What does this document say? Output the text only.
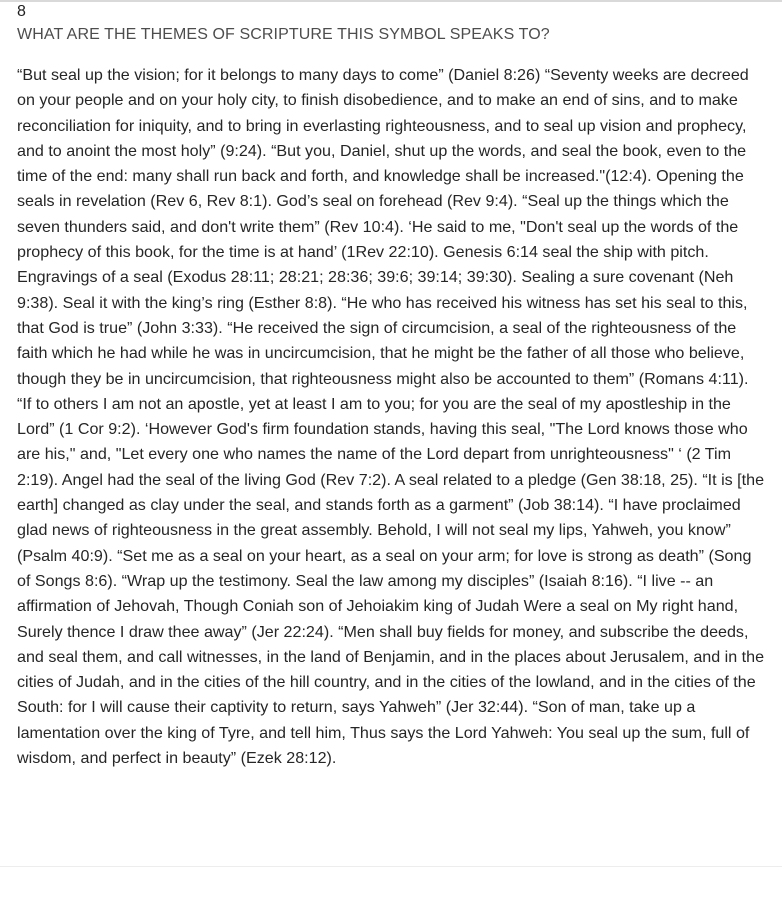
8
WHAT ARE THE THEMES OF SCRIPTURE THIS SYMBOL SPEAKS TO?

“But seal up the vision; for it belongs to many days to come” (Daniel 8:26) “Seventy weeks are decreed on your people and on your holy city, to finish disobedience, and to make an end of sins, and to make reconciliation for iniquity, and to bring in everlasting righteousness, and to seal up vision and prophecy, and to anoint the most holy” (9:24). “But you, Daniel, shut up the words, and seal the book, even to the time of the end: many shall run back and forth, and knowledge shall be increased."(12:4). Opening the seals in revelation (Rev 6, Rev 8:1). God’s seal on forehead (Rev 9:4). “Seal up the things which the seven thunders said, and don't write them” (Rev 10:4). ‘He said to me, "Don't seal up the words of the prophecy of this book, for the time is at hand’ (1Rev 22:10). Genesis 6:14 seal the ship with pitch. Engravings of a seal (Exodus 28:11; 28:21; 28:36; 39:6; 39:14; 39:30). Sealing a sure covenant (Neh 9:38). Seal it with the king’s ring (Esther 8:8). “He who has received his witness has set his seal to this, that God is true” (John 3:33). “He received the sign of circumcision, a seal of the righteousness of the faith which he had while he was in uncircumcision, that he might be the father of all those who believe, though they be in uncircumcision, that righteousness might also be accounted to them” (Romans 4:11). “If to others I am not an apostle, yet at least I am to you; for you are the seal of my apostleship in the Lord” (1 Cor 9:2). ‘However God's firm foundation stands, having this seal, "The Lord knows those who are his," and, "Let every one who names the name of the Lord depart from unrighteousness" ‘ (2 Tim 2:19). Angel had the seal of the living God (Rev 7:2). A seal related to a pledge (Gen 38:18, 25). “It is [the earth] changed as clay under the seal, and stands forth as a garment” (Job 38:14). “I have proclaimed glad news of righteousness in the great assembly. Behold, I will not seal my lips, Yahweh, you know” (Psalm 40:9). “Set me as a seal on your heart, as a seal on your arm; for love is strong as death” (Song of Songs 8:6). “Wrap up the testimony. Seal the law among my disciples” (Isaiah 8:16). “I live -- an affirmation of Jehovah, Though Coniah son of Jehoiakim king of Judah Were a seal on My right hand, Surely thence I draw thee away” (Jer 22:24). “Men shall buy fields for money, and subscribe the deeds, and seal them, and call witnesses, in the land of Benjamin, and in the places about Jerusalem, and in the cities of Judah, and in the cities of the hill country, and in the cities of the lowland, and in the cities of the South: for I will cause their captivity to return, says Yahweh” (Jer 32:44). “Son of man, take up a lamentation over the king of Tyre, and tell him, Thus says the Lord Yahweh: You seal up the sum, full of wisdom, and perfect in beauty” (Ezek 28:12).
